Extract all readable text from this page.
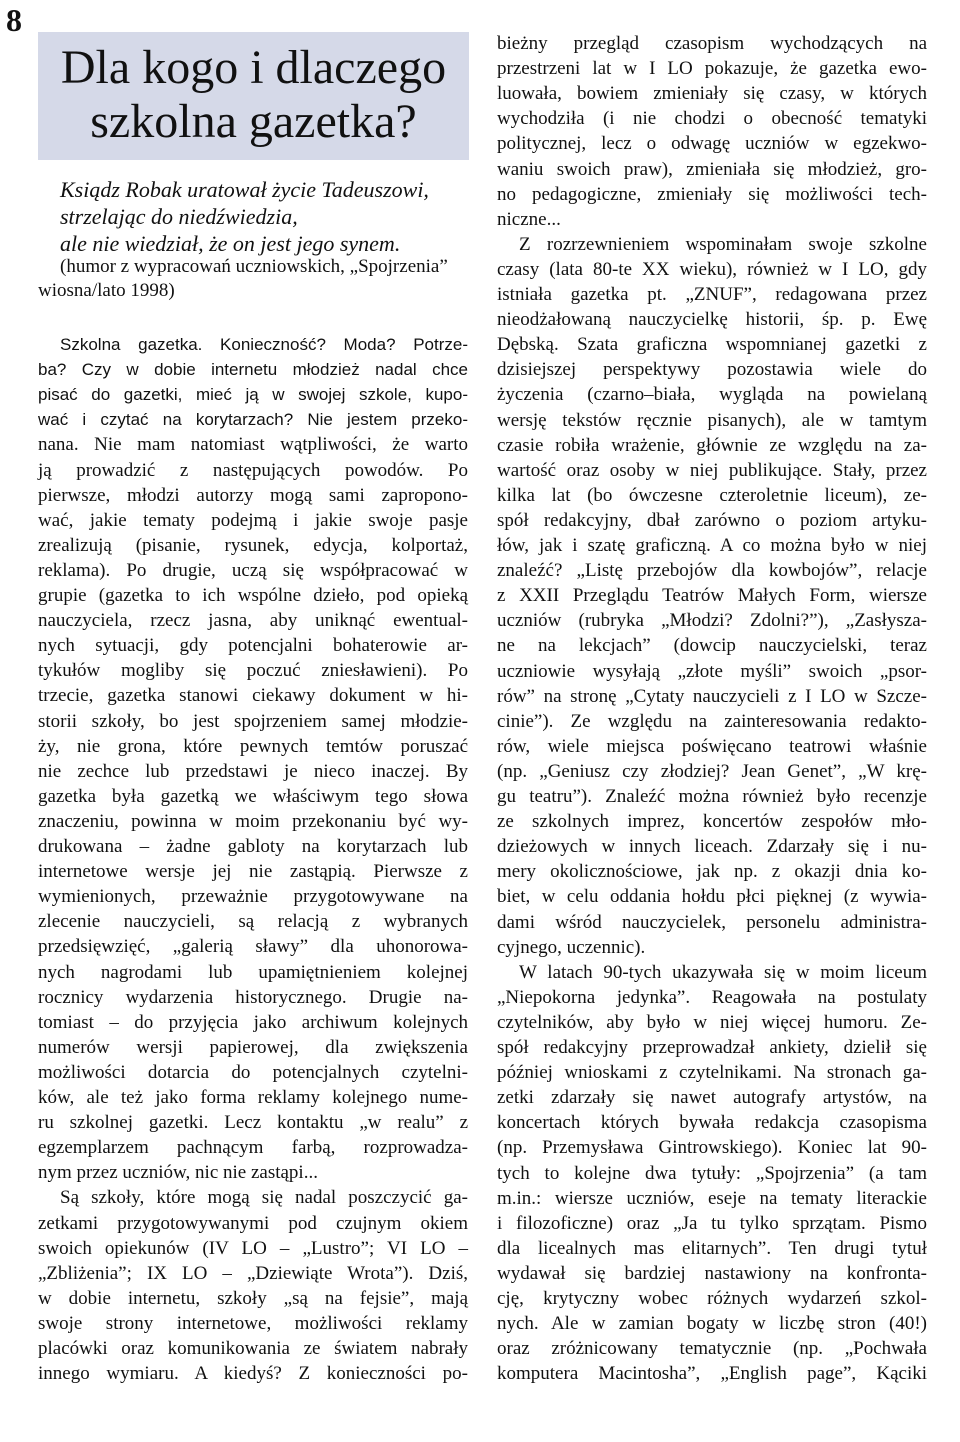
8
Dla kogo i dlaczego
szkolna gazetka?
Ksiądz Robak uratował życie Tadeuszowi,
strzelając do niedźwiedzia,
ale nie wiedział, że on jest jego synem.
(humor z wypracowań uczniowskich, „Spojrzenia”
wiosna/lato 1998)
Szkolna gazetka. Konieczność? Moda? Potrze-
ba? Czy w dobie internetu młodzież nadal chce
pisać do gazetki, mieć ją w swojej szkole, kupo-
wać i czytać na korytarzach? Nie jestem przeko-
nana. Nie mam natomiast wątpliwości, że warto
ją prowadzić z następujących powodów. Po
pierwsze, młodzi autorzy mogą sami zapropono-
wać, jakie tematy podejmą i jakie swoje pasje
zrealizują (pisanie, rysunek, edycja, kolportaż,
reklama). Po drugie, uczą się współpracować w
grupie (gazetka to ich wspólne dzieło, pod opieką
nauczyciela, rzecz jasna, aby uniknąć ewentual-
nych sytuacji, gdy potencjalni bohaterowie ar-
tykułów mogliby się poczuć zniesławieni). Po
trzecie, gazetka stanowi ciekawy dokument w hi-
storii szkoły, bo jest spojrzeniem samej młodzie-
ży, nie grona, które pewnych temtów poruszać
nie zechce lub przedstawi je nieco inaczej. By
gazetka była gazetką we właściwym tego słowa
znaczeniu, powinna w moim przekonaniu być wy-
drukowana – żadne gabloty na korytarzach lub
internetowe wersje jej nie zastąpią. Pierwsze z
wymienionych, przeważnie przygotowywane na
zlecenie nauczycieli, są relacją z wybranych
przedsięwzięć, „galerią sławy” dla uhonorowa-
nych nagrodami lub upamiętnieniem kolejnej
rocznicy wydarzenia historycznego. Drugie na-
tomiast – do przyjęcia jako archiwum kolejnych
numerów wersji papierowej, dla zwiększenia
możliwości dotarcia do potencjalnych czytelni-
ków, ale też jako forma reklamy kolejnego nume-
ru szkolnej gazetki. Lecz kontaktu „w realu” z
egzemplarzem pachnącym farbą, rozprowadza-
nym przez uczniów, nic nie zastąpi...
Są szkoły, które mogą się nadal poszczycić ga-
zetkami przygotowywanymi pod czujnym okiem
swoich opiekunów (IV LO – „Lustro”; VI LO –
„Zbliżenia”; IX LO – „Dziewiąte Wrota”). Dziś,
w dobie internetu, szkoły „są na fejsie”, mają
swoje strony internetowe, możliwości reklamy
placówki oraz komunikowania ze światem nabrały
innego wymiaru. A kiedyś? Z konieczności po-
bieżny przegląd czasopism wychodzących na
przestrzeni lat w I LO pokazuje, że gazetka ewo-
luowała, bowiem zmieniały się czasy, w których
wychodziła (i nie chodzi o obecność tematyki
politycznej, lecz o odwagę uczniów w egzekwo-
waniu swoich praw), zmieniała się młodzież, gro-
no pedagogiczne, zmieniały się możliwości tech-
niczne...
Z rozrzewnieniem wspominałam swoje szkolne
czasy (lata 80-te XX wieku), również w I LO, gdy
istniała gazetka pt. „ZNUF”, redagowana przez
nieodżałowaną nauczycielkę historii, śp. p. Ewę
Dębską. Szata graficzna wspomnianej gazetki z
dzisiejszej perspektywy pozostawia wiele do
życzenia (czarno–biała, wygląda na powielaną
wersję tekstów ręcznie pisanych), ale w tamtym
czasie robiła wrażenie, głównie ze względu na za-
wartość oraz osoby w niej publikujące. Stały, przez
kilka lat (bo ówczesne czteroletnie liceum), ze-
spół redakcyjny, dbał zarówno o poziom artyku-
łów, jak i szatę graficzną. A co można było w niej
znaleźć? „Listę przebojów dla kowbojów”, relacje
z XXII Przeglądu Teatrów Małych Form, wiersze
uczniów (rubryka „Młodzi? Zdolni?”), „Zasłysza-
ne na lekcjach” (dowcip nauczycielski, teraz
uczniowie wysyłają „złote myśli” swoich „psor-
rów” na stronę „Cytaty nauczycieli z I LO w Szcze-
cinie”). Ze względu na zainteresowania redakto-
rów, wiele miejsca poświęcano teatrowi właśnie
(np. „Geniusz czy złodziej? Jean Genet”, „W krę-
gu teatru”). Znaleźć można również było recenzje
ze szkolnych imprez, koncertów zespołów mło-
dzieżowych w innych liceach. Zdarzały się i nu-
mery okolicznościowe, jak np. z okazji dnia ko-
biet, w celu oddania hołdu płci pięknej (z wywia-
dami wśród nauczycielek, personelu administra-
cyjnego, uczennic).
W latach 90-tych ukazywała się w moim liceum
„Niepokorna jedynka”. Reagowała na postulaty
czytelników, aby było w niej więcej humoru. Ze-
spół redakcyjny przeprowadzał ankiety, dzielił się
później wnioskami z czytelnikami. Na stronach ga-
zetki zdarzały się nawet autografy artystów, na
koncertach których bywała redakcja czasopisma
(np. Przemysława Gintrowskiego). Koniec lat 90-
tych to kolejne dwa tytuły: „Spojrzenia” (a tam
m.in.: wiersze uczniów, eseje na tematy literackie
i filozoficzne) oraz „Ja tu tylko sprzątam. Pismo
dla licealnych mas elitarnych”. Ten drugi tytuł
wydawał się bardziej nastawiony na konfronta-
cję, krytyczny wobec różnych wydarzeń szkol-
nych. Ale w zamian bogaty w liczbę stron (40!)
oraz zróżnicowany tematycznie (np. „Pochwała
komputera Macintosha”, „English page”, Kąciki
